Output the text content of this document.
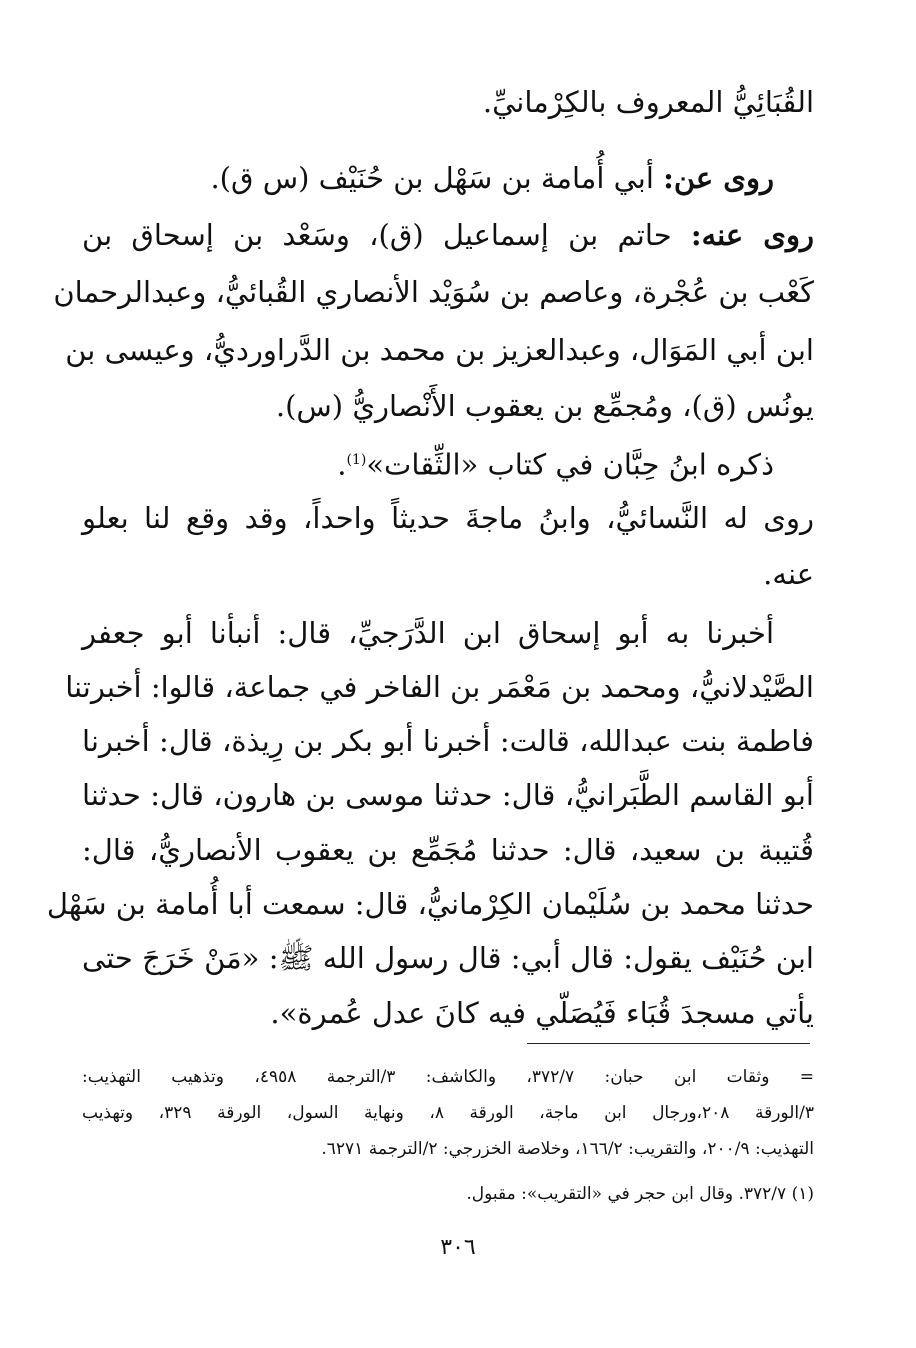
القُبَائِيُّ المعروف بالكِرْمانيِّ.
روى عن: أبي أُمامة بن سَهْل بن حُنَيْف (س ق).
روى عنه: حاتم بن إسماعيل (ق)، وسَعْد بن إسحاق بن
كَعْب بن عُجْرة، وعاصم بن سُوَيْد الأنصاري القُبائيُّ، وعبدالرحمان
ابن أبي المَوَال، وعبدالعزيز بن محمد بن الدَّراورديُّ، وعيسى بن
يونُس (ق)، ومُجمِّع بن يعقوب الأَنْصاريُّ (س).
ذكره ابنُ حِبَّان في كتاب «الثِّقات»$^{(1)}$.
روى له النَّسائيُّ، وابنُ ماجةَ حديثاً واحداً، وقد وقع لنا بعلو
عنه.
أخبرنا به أبو إسحاق ابن الدَّرَجيِّ، قال: أنبأنا أبو جعفر
الصَّيْدلانيُّ، ومحمد بن مَعْمَر بن الفاخر في جماعة، قالوا: أخبرتنا
فاطمة بنت عبدالله، قالت: أخبرنا أبو بكر بن رِيذة، قال: أخبرنا
أبو القاسم الطَّبَرانيُّ، قال: حدثنا موسى بن هارون، قال: حدثنا
قُتيبة بن سعيد، قال: حدثنا مُجَمِّع بن يعقوب الأنصاريُّ، قال:
حدثنا محمد بن سُلَيْمان الكِرْمانيُّ، قال: سمعت أبا أُمامة بن سَهْل
ابن حُنَيْف يقول: قال أبي: قال رسول الله ﷺ: «مَنْ خَرَجَ حتى
يأتي مسجدَ قُبَاء فَيُصَلّي فيه كانَ عدل عُمرة».
= وثقات ابن حبان: ٣٧٢/٧، والكاشف: ٣/الترجمة ٤٩٥٨، وتذهيب التهذيب:
٣/الورقة ٢٠٨،ورجال ابن ماجة، الورقة ٨، ونهاية السول، الورقة ٣٢٩، وتهذيب
التهذيب: ٢٠٠/٩، والتقريب: ١٦٦/٢، وخلاصة الخزرجي: ٢/الترجمة ٦٢٧١.
(١) ٣٧٢/٧. وقال ابن حجر في «التقريب»: مقبول.
٣٠٦
